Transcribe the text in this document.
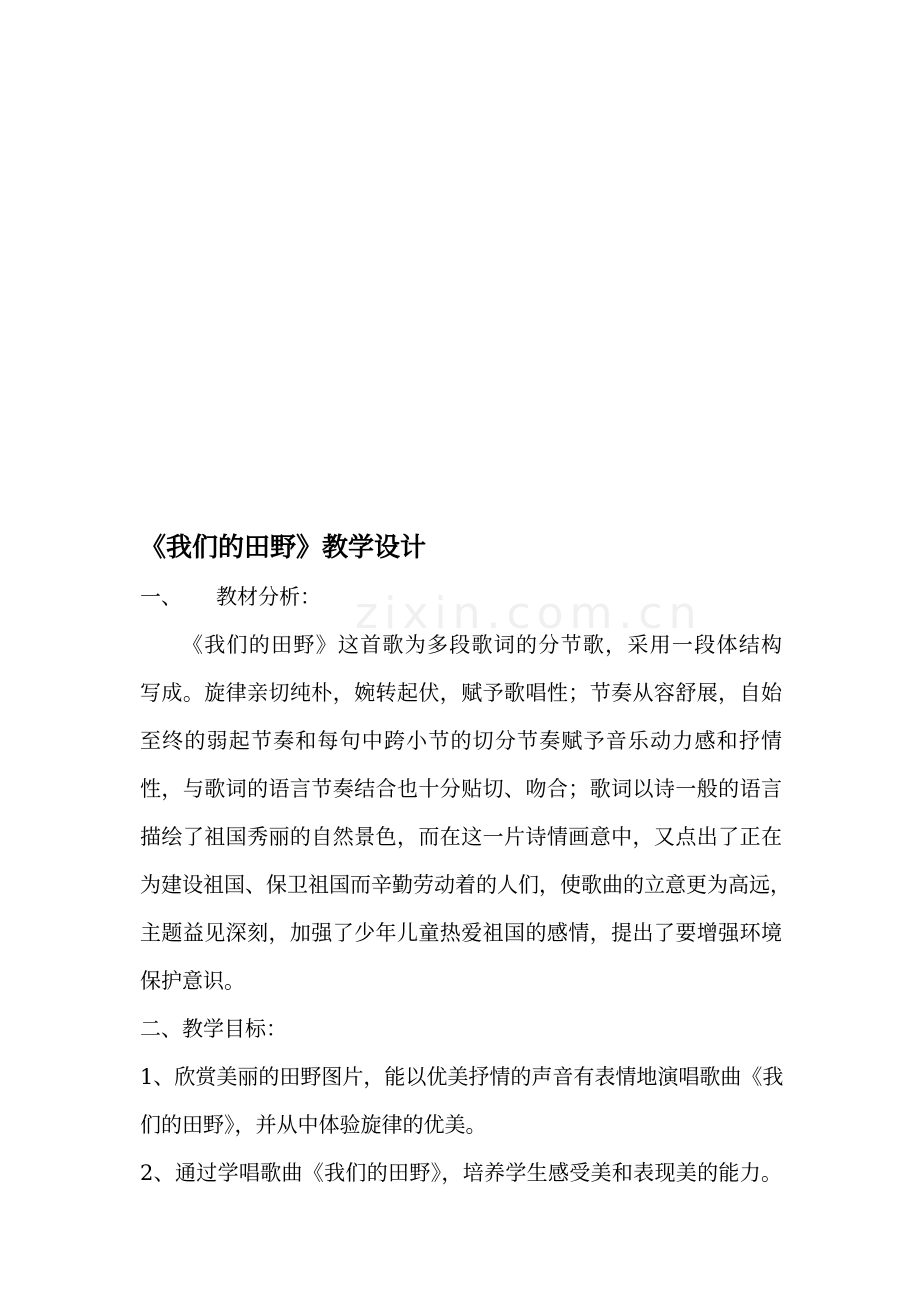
zixin.com.cn
《我们的田野》教学设计
一、 教材分析：
《我们的田野》这首歌为多段歌词的分节歌，采用一段体结构
写成。旋律亲切纯朴，婉转起伏，赋予歌唱性；节奏从容舒展，自始
至终的弱起节奏和每句中跨小节的切分节奏赋予音乐动力感和抒情
性，与歌词的语言节奏结合也十分贴切、吻合；歌词以诗一般的语言
描绘了祖国秀丽的自然景色，而在这一片诗情画意中，又点出了正在
为建设祖国、保卫祖国而辛勤劳动着的人们，使歌曲的立意更为高远，
主题益见深刻，加强了少年儿童热爱祖国的感情，提出了要增强环境
保护意识。
二、教学目标：
1、欣赏美丽的田野图片，能以优美抒情的声音有表情地演唱歌曲《我
们的田野》，并从中体验旋律的优美。
2、通过学唱歌曲《我们的田野》，培养学生感受美和表现美的能力。
